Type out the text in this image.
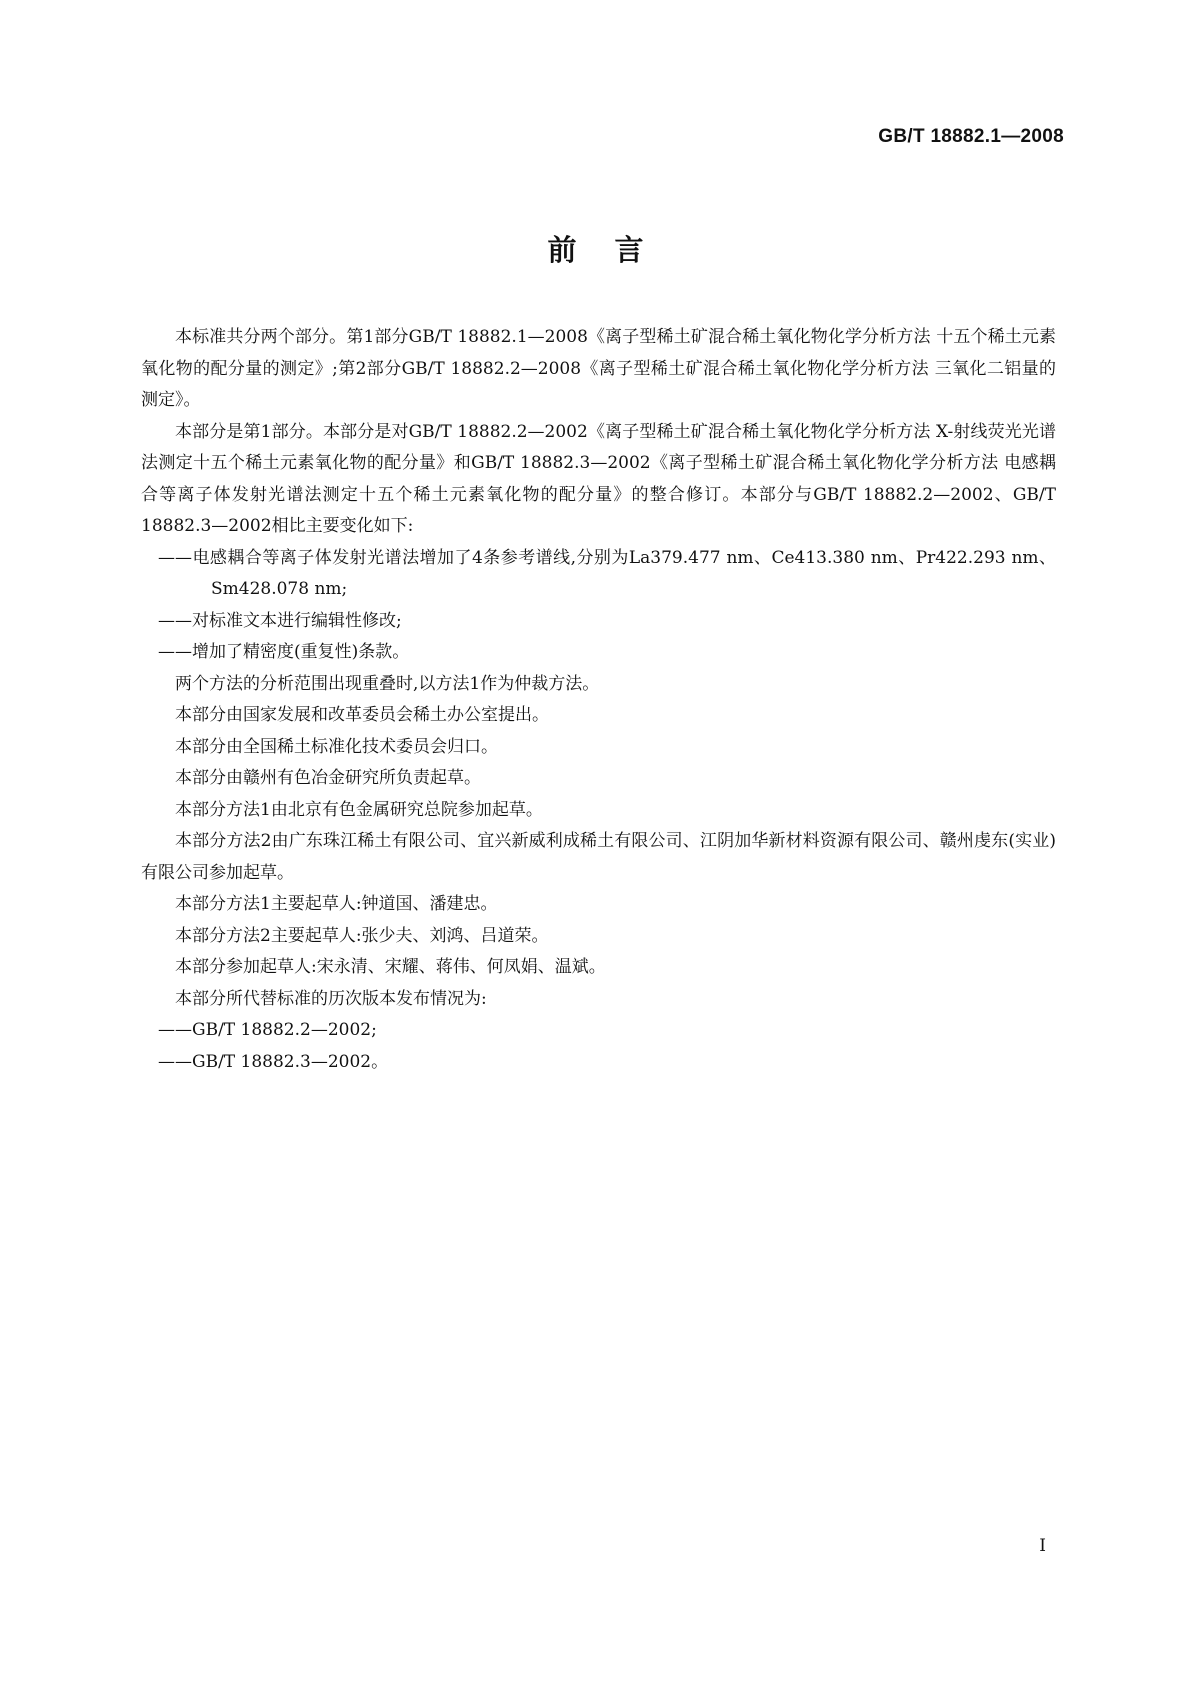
GB/T 18882.1—2008
前言

本标准共分两个部分。第1部分GB/T 18882.1—2008《离子型稀土矿混合稀土氧化物化学分析方法 十五个稀土元素氧化物的配分量的测定》;第2部分GB/T 18882.2—2008《离子型稀土矿混合稀土氧化物化学分析方法 三氧化二铝量的测定》。

本部分是第1部分。本部分是对GB/T 18882.2—2002《离子型稀土矿混合稀土氧化物化学分析方法 X-射线荧光光谱法测定十五个稀土元素氧化物的配分量》和GB/T 18882.3—2002《离子型稀土矿混合稀土氧化物化学分析方法 电感耦合等离子体发射光谱法测定十五个稀土元素氧化物的配分量》的整合修订。本部分与GB/T 18882.2—2002、GB/T 18882.3—2002相比主要变化如下:

——电感耦合等离子体发射光谱法增加了4条参考谱线,分别为La379.477 nm、Ce413.380 nm、Pr422.293 nm、Sm428.078 nm;

——对标准文本进行编辑性修改;

——增加了精密度(重复性)条款。

两个方法的分析范围出现重叠时,以方法1作为仲裁方法。

本部分由国家发展和改革委员会稀土办公室提出。

本部分由全国稀土标准化技术委员会归口。

本部分由赣州有色冶金研究所负责起草。

本部分方法1由北京有色金属研究总院参加起草。

本部分方法2由广东珠江稀土有限公司、宜兴新威利成稀土有限公司、江阴加华新材料资源有限公司、赣州虔东(实业)有限公司参加起草。

本部分方法1主要起草人:钟道国、潘建忠。

本部分方法2主要起草人:张少夫、刘鸿、吕道荣。

本部分参加起草人:宋永清、宋耀、蒋伟、何凤娟、温斌。

本部分所代替标准的历次版本发布情况为:

——GB/T 18882.2—2002;

——GB/T 18882.3—2002。

I
